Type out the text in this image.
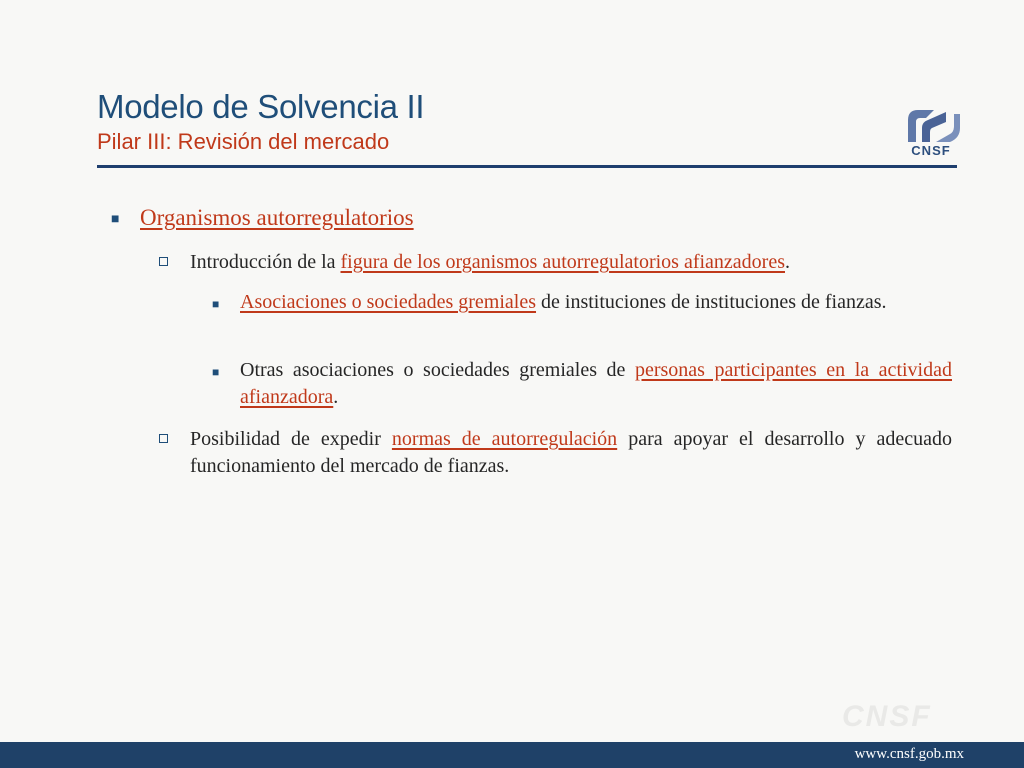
Modelo de Solvencia II
Pilar III: Revisión del mercado	CNSF
■ Organismos autorregulatorios
Introducción de la figura de los organismos autorregulatorios afianzadores.
■ Asociaciones o sociedades gremiales de instituciones de instituciones de fianzas.
■ Otras asociaciones o sociedades gremiales de personas participantes en la actividad afianzadora.
Posibilidad de expedir normas de autorregulación para apoyar el desarrollo y adecuado funcionamiento del mercado de fianzas.
CNSF
www.cnsf.gob.mx
